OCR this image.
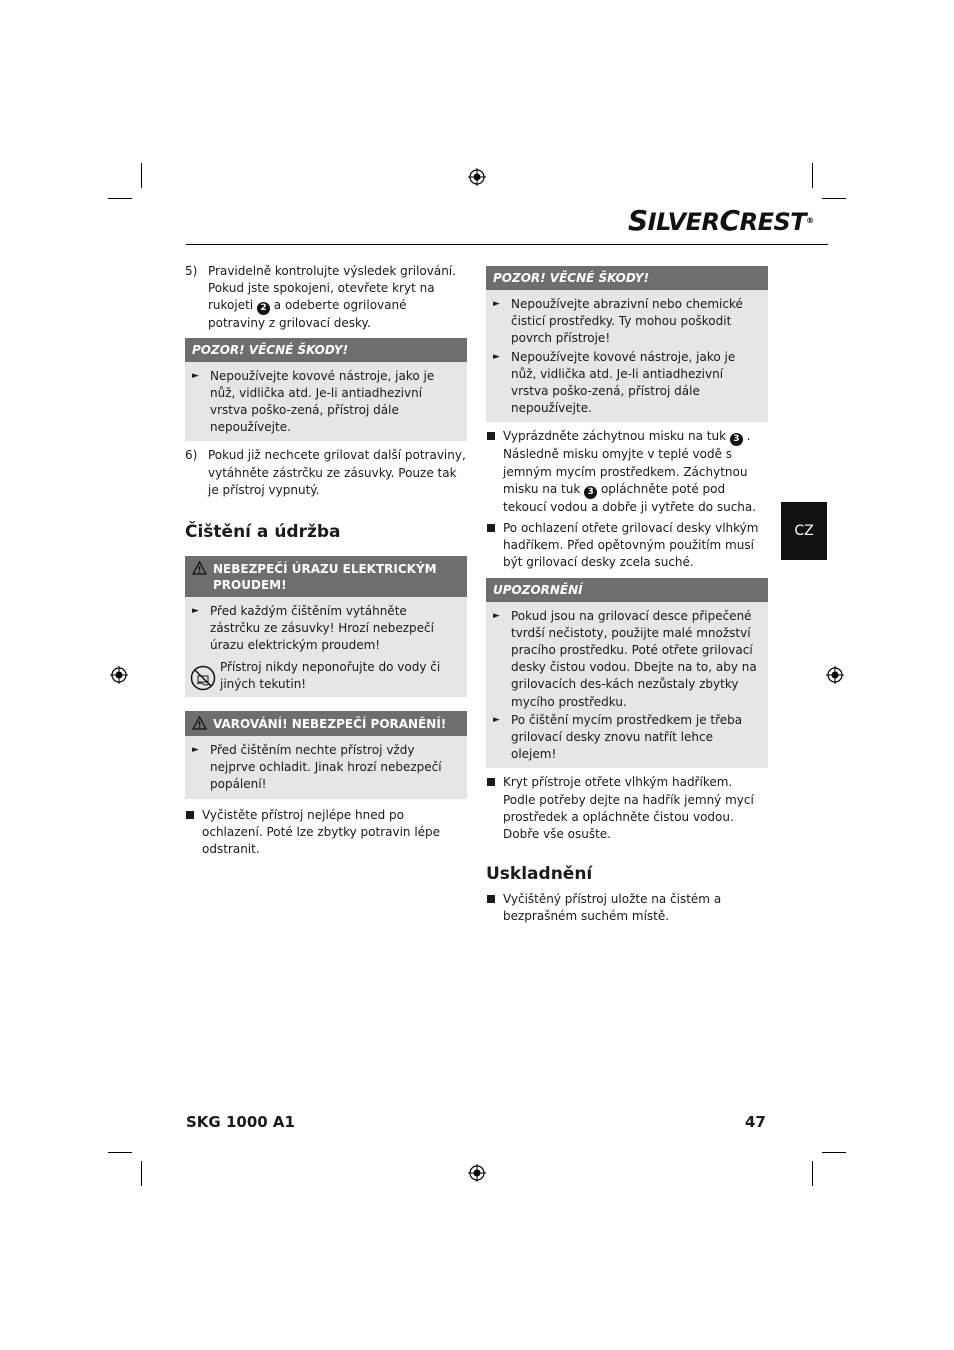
SILVERCREST®
5) Pravidelně kontrolujte výsledek grilování. Pokud jste spokojeni, otevřete kryt na rukojeti 2 a odeberte ogrilované potraviny z grilovací desky.
POZOR! VĚCNÉ ŠKODY!
► Nepoužívejte kovové nástroje, jako je nůž, vidlička atd. Je-li antiadhezivní vrstva poško-zená, přístroj dále nepoužívejte.
6) Pokud již nechcete grilovat další potraviny, vytáhněte zástrčku ze zásuvky. Pouze tak je přístroj vypnutý.
Čištění a údržba
NEBEZPEČÍ ÚRAZU ELEKTRICKÝM PROUDEM!
► Před každým čištěním vytáhněte zástrčku ze zásuvky! Hrozí nebezpečí úrazu elektrickým proudem!
Přístroj nikdy neponořujte do vody či jiných tekutin!
VAROVÁNÍ! NEBEZPEČÍ PORANĚNÍ!
► Před čištěním nechte přístroj vždy nejprve ochladit. Jinak hrozí nebezpečí popálení!
Vyčistěte přístroj nejlépe hned po ochlazení. Poté lze zbytky potravin lépe odstranit.
POZOR! VĚCNÉ ŠKODY!
► Nepoužívejte abrazivní nebo chemické čisticí prostředky. Ty mohou poškodit povrch přístroje!
► Nepoužívejte kovové nástroje, jako je nůž, vidlička atd. Je-li antiadhezivní vrstva poško-zená, přístroj dále nepoužívejte.
Vyprázdněte záchytnou misku na tuk 3 . Následně misku omyjte v teplé vodě s jemným mycím prostředkem. Záchytnou misku na tuk 3 opláchněte poté pod tekoucí vodou a dobře ji vytřete do sucha.
Po ochlazení otřete grilovací desky vlhkým hadříkem. Před opětovným použitím musí být grilovací desky zcela suché.
UPOZORNĚNÍ
► Pokud jsou na grilovací desce připečené tvrdší nečistoty, použijte malé množství pracího prostředku. Poté otřete grilovací desky čistou vodou. Dbejte na to, aby na grilovacích des-kách nezůstaly zbytky mycího prostředku.
► Po čištění mycím prostředkem je třeba grilovací desky znovu natřít lehce olejem!
Kryt přístroje otřete vlhkým hadříkem. Podle potřeby dejte na hadřík jemný mycí prostředek a opláchněte čistou vodou. Dobře vše osušte.
Uskladnění
Vyčištěný přístroj uložte na čistém a bezprašném suchém místě.
CZ
SKG 1000 A1	47
